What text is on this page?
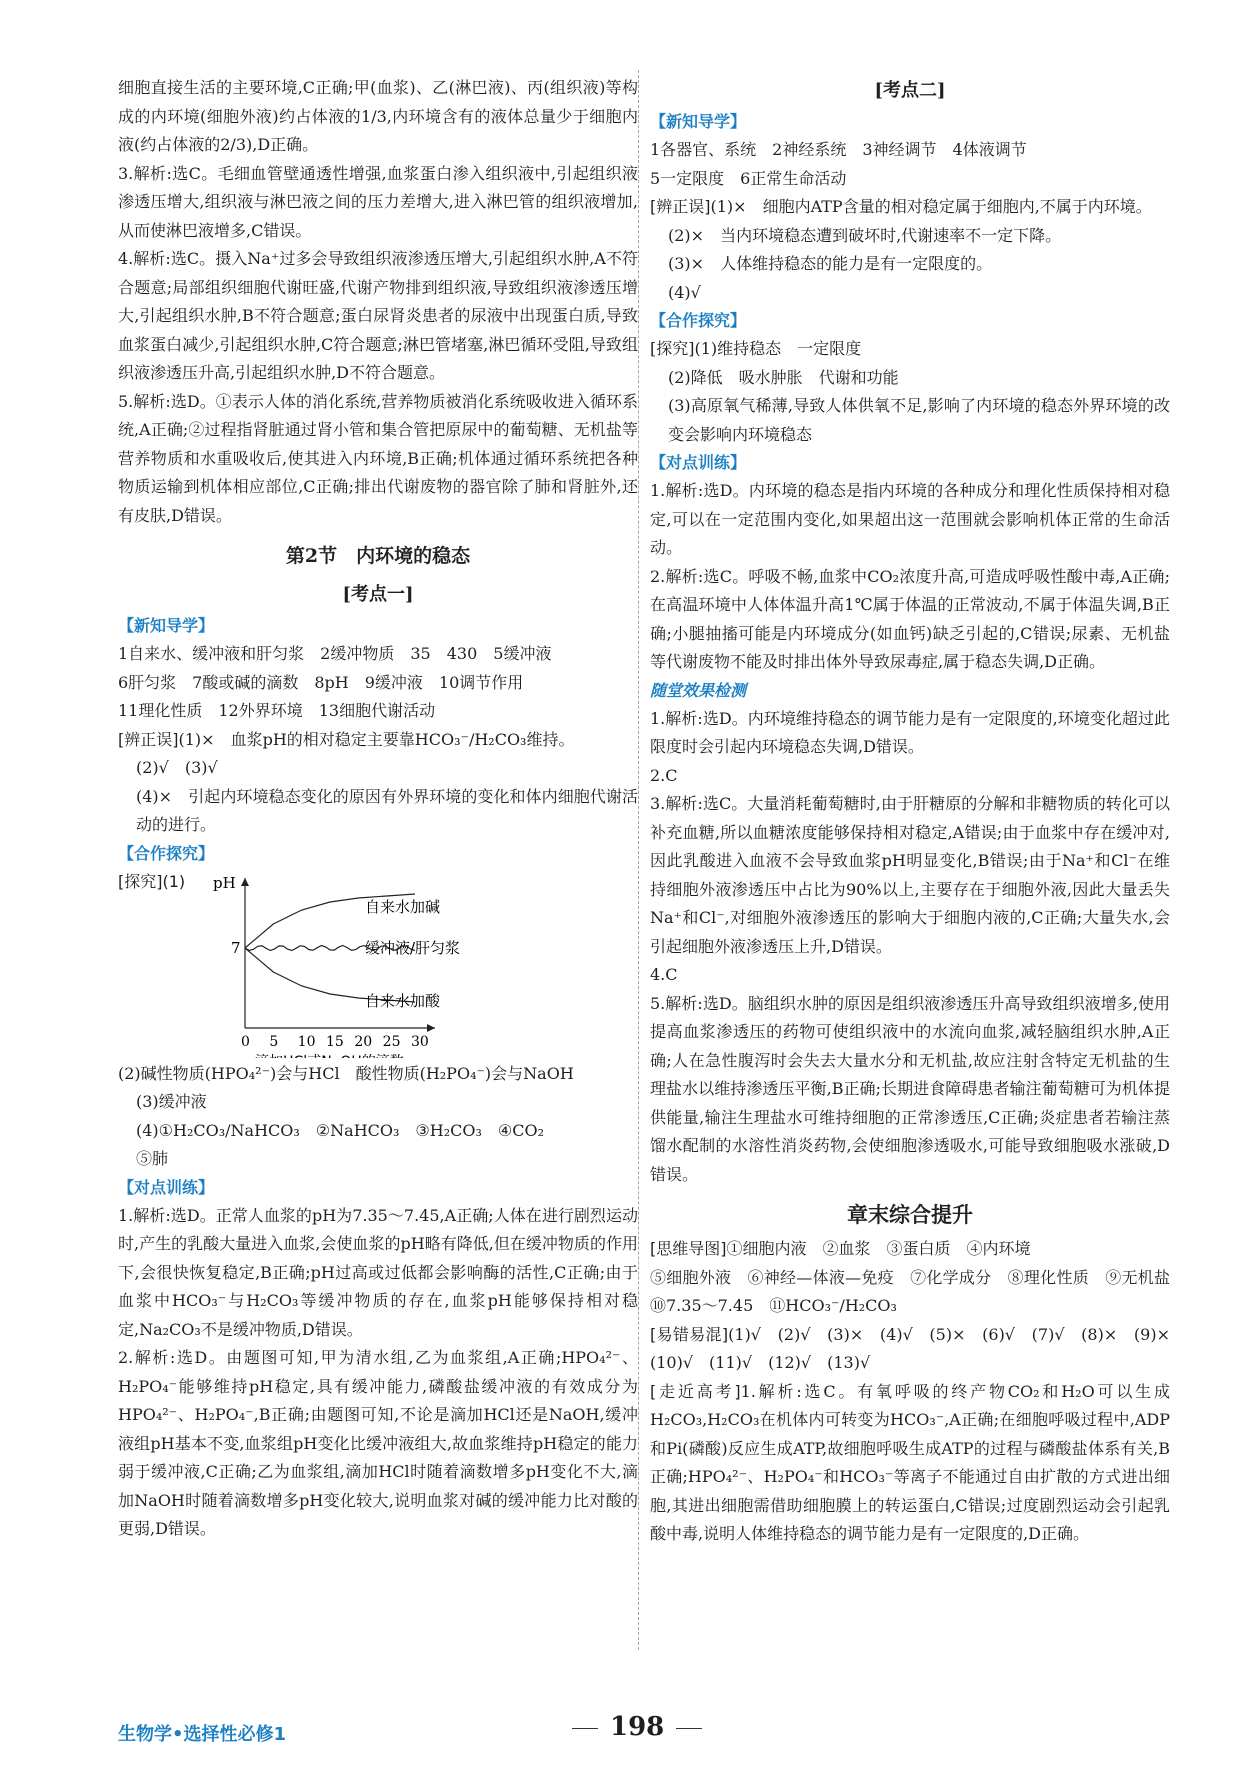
细胞直接生活的主要环境,C正确;甲(血浆)、乙(淋巴液)、丙(组织液)等构成的内环境(细胞外液)约占体液的1/3,内环境含有的液体总量少于细胞内液(约占体液的2/3),D正确。

3.解析:选C。毛细血管壁通透性增强,血浆蛋白渗入组织液中,引起组织液渗透压增大,组织液与淋巴液之间的压力差增大,进入淋巴管的组织液增加,从而使淋巴液增多,C错误。

4.解析:选C。摄入Na⁺过多会导致组织液渗透压增大,引起组织水肿,A不符合题意;局部组织细胞代谢旺盛,代谢产物排到组织液,导致组织液渗透压增大,引起组织水肿,B不符合题意;蛋白尿肾炎患者的尿液中出现蛋白质,导致血浆蛋白减少,引起组织水肿,C符合题意;淋巴管堵塞,淋巴循环受阻,导致组织液渗透压升高,引起组织水肿,D不符合题意。

5.解析:选D。①表示人体的消化系统,营养物质被消化系统吸收进入循环系统,A正确;②过程指肾脏通过肾小管和集合管把原尿中的葡萄糖、无机盐等营养物质和水重吸收后,使其进入内环境,B正确;机体通过循环系统把各种物质运输到机体相应部位,C正确;排出代谢废物的器官除了肺和肾脏外,还有皮肤,D错误。

第2节　内环境的稳态
[考点一]
【新知导学】

1自来水、缓冲液和肝匀浆　2缓冲物质　35　430　5缓冲液

6肝匀浆　7酸或碱的滴数　8pH　9缓冲液　10调节作用

11理化性质　12外界环境　13细胞代谢活动

[辨正误](1)×　血浆pH的相对稳定主要靠HCO₃⁻/H₂CO₃维持。

(2)√　(3)√

(4)×　引起内环境稳态变化的原因有外界环境的变化和体内细胞代谢活动的进行。

【合作探究】
[探究](1) pH
7
0 5 10 15 20 25 30
自来水加碱
缓冲液/肝匀浆
自来水加酸

(2)碱性物质(HPO₄²⁻)会与HCl　酸性物质(H₂PO₄⁻)会与NaOH

(3)缓冲液

(4)①H₂CO₃/NaHCO₃　②NaHCO₃　③H₂CO₃　④CO₂

⑤肺

【对点训练】

1.解析:选D。正常人血浆的pH为7.35～7.45,A正确;人体在进行剧烈运动时,产生的乳酸大量进入血浆,会使血浆的pH略有降低,但在缓冲物质的作用下,会很快恢复稳定,B正确;pH过高或过低都会影响酶的活性,C正确;由于血浆中HCO₃⁻与H₂CO₃等缓冲物质的存在,血浆pH能够保持相对稳定,Na₂CO₃不是缓冲物质,D错误。

2.解析:选D。由题图可知,甲为清水组,乙为血浆组,A正确;HPO₄²⁻、H₂PO₄⁻能够维持pH稳定,具有缓冲能力,磷酸盐缓冲液的有效成分为HPO₄²⁻、H₂PO₄⁻,B正确;由题图可知,不论是滴加HCl还是NaOH,缓冲液组pH基本不变,血浆组pH变化比缓冲液组大,故血浆维持pH稳定的能力弱于缓冲液,C正确;乙为血浆组,滴加HCl时随着滴数增多pH变化不大,滴加NaOH时随着滴数增多pH变化较大,说明血浆对碱的缓冲能力比对酸的更弱,D错误。

[考点二]
【新知导学】

1各器官、系统　2神经系统　3神经调节　4体液调节

5一定限度　6正常生命活动

[辨正误](1)×　细胞内ATP含量的相对稳定属于细胞内,不属于内环境。

(2)×　当内环境稳态遭到破坏时,代谢速率不一定下降。

(3)×　人体维持稳态的能力是有一定限度的。

(4)√

【合作探究】

[探究](1)维持稳态　一定限度

(2)降低　吸水肿胀　代谢和功能

(3)高原氧气稀薄,导致人体供氧不足,影响了内环境的稳态外界环境的改变会影响内环境稳态

【对点训练】

1.解析:选D。内环境的稳态是指内环境的各种成分和理化性质保持相对稳定,可以在一定范围内变化,如果超出这一范围就会影响机体正常的生命活动。

2.解析:选C。呼吸不畅,血浆中CO₂浓度升高,可造成呼吸性酸中毒,A正确;在高温环境中人体体温升高1℃属于体温的正常波动,不属于体温失调,B正确;小腿抽搐可能是内环境成分(如血钙)缺乏引起的,C错误;尿素、无机盐等代谢废物不能及时排出体外导致尿毒症,属于稳态失调,D正确。

随堂效果检测

1.解析:选D。内环境维持稳态的调节能力是有一定限度的,环境变化超过此限度时会引起内环境稳态失调,D错误。

2.C

3.解析:选C。大量消耗葡萄糖时,由于肝糖原的分解和非糖物质的转化可以补充血糖,所以血糖浓度能够保持相对稳定,A错误;由于血浆中存在缓冲对,因此乳酸进入血液不会导致血浆pH明显变化,B错误;由于Na⁺和Cl⁻在维持细胞外液渗透压中占比为90%以上,主要存在于细胞外液,因此大量丢失Na⁺和Cl⁻,对细胞外液渗透压的影响大于细胞内液的,C正确;大量失水,会引起细胞外液渗透压上升,D错误。

4.C

5.解析:选D。脑组织水肿的原因是组织液渗透压升高导致组织液增多,使用提高血浆渗透压的药物可使组织液中的水流向血浆,减轻脑组织水肿,A正确;人在急性腹泻时会失去大量水分和无机盐,故应注射含特定无机盐的生理盐水以维持渗透压平衡,B正确;长期进食障碍患者输注葡萄糖可为机体提供能量,输注生理盐水可维持细胞的正常渗透压,C正确;炎症患者若输注蒸馏水配制的水溶性消炎药物,会使细胞渗透吸水,可能导致细胞吸水涨破,D错误。

章末综合提升

[思维导图]①细胞内液　②血浆　③蛋白质　④内环境

⑤细胞外液　⑥神经—体液—免疫　⑦化学成分　⑧理化性质　⑨无机盐　⑩7.35～7.45　⑪HCO₃⁻/H₂CO₃

[易错易混](1)√　(2)√　(3)×　(4)√　(5)×　(6)√　(7)√　(8)×　(9)×　(10)√　(11)√　(12)√　(13)√

[走近高考]1.解析:选C。有氧呼吸的终产物CO₂和H₂O可以生成H₂CO₃,H₂CO₃在机体内可转变为HCO₃⁻,A正确;在细胞呼吸过程中,ADP和Pi(磷酸)反应生成ATP,故细胞呼吸生成ATP的过程与磷酸盐体系有关,B正确;HPO₄²⁻、H₂PO₄⁻和HCO₃⁻等离子不能通过自由扩散的方式进出细胞,其进出细胞需借助细胞膜上的转运蛋白,C错误;过度剧烈运动会引起乳酸中毒,说明人体维持稳态的调节能力是有一定限度的,D正确。

生物学•选择性必修1	198
